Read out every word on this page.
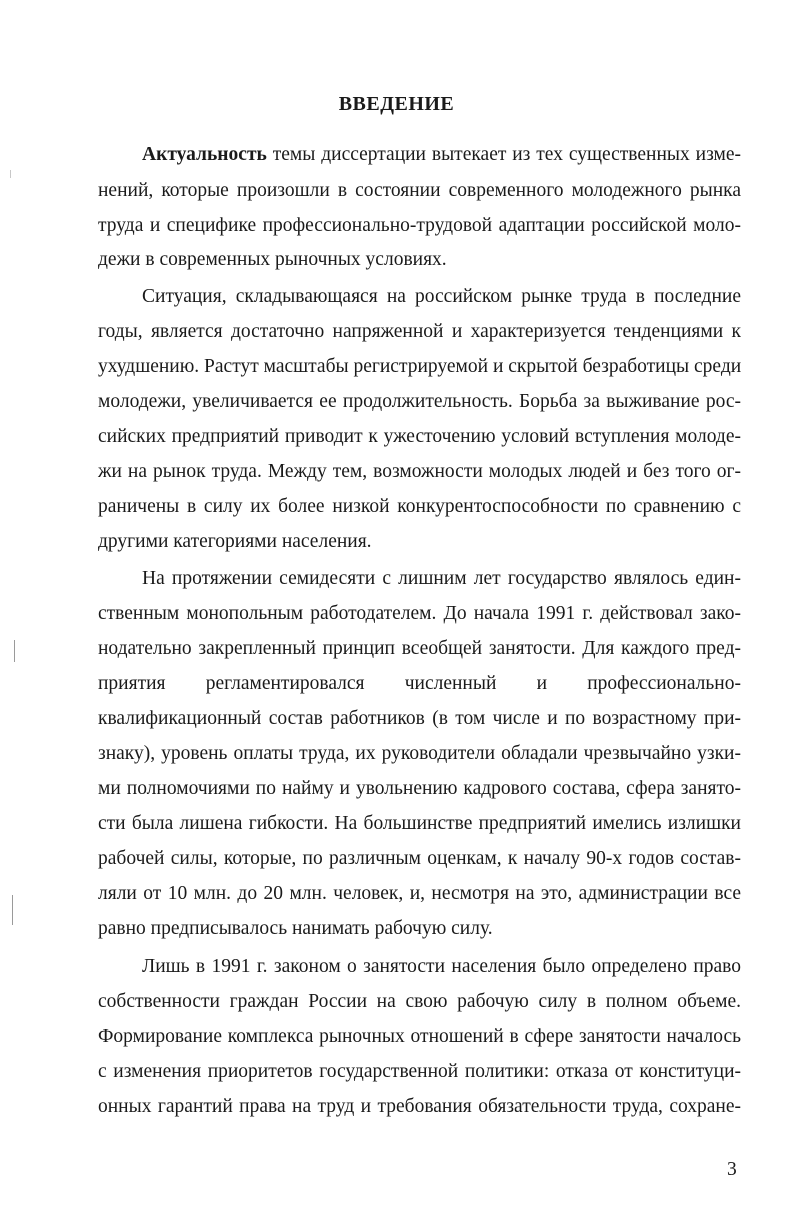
ВВЕДЕНИЕ
Актуальность темы диссертации вытекает из тех существенных изме-
нений, которые произошли в состоянии современного молодежного рынка
труда и специфике профессионально-трудовой адаптации российской моло-
дежи в современных рыночных условиях.
Ситуация, складывающаяся на российском рынке труда в последние
годы, является достаточно напряженной и характеризуется тенденциями к
ухудшению. Растут масштабы регистрируемой и скрытой безработицы среди
молодежи, увеличивается ее продолжительность. Борьба за выживание рос-
сийских предприятий приводит к ужесточению условий вступления молоде-
жи на рынок труда. Между тем, возможности молодых людей и без того ог-
раничены в силу их более низкой конкурентоспособности по сравнению с
другими категориями населения.
На протяжении семидесяти с лишним лет государство являлось един-
ственным монопольным работодателем. До начала 1991 г. действовал зако-
нодательно закрепленный принцип всеобщей занятости. Для каждого пред-
приятия регламентировался численный и профессионально-
квалификационный состав работников (в том числе и по возрастному при-
знаку), уровень оплаты труда, их руководители обладали чрезвычайно узки-
ми полномочиями по найму и увольнению кадрового состава, сфера занято-
сти была лишена гибкости. На большинстве предприятий имелись излишки
рабочей силы, которые, по различным оценкам, к началу 90-х годов состав-
ляли от 10 млн. до 20 млн. человек, и, несмотря на это, администрации все
равно предписывалось нанимать рабочую силу.
Лишь в 1991 г. законом о занятости населения было определено право
собственности граждан России на свою рабочую силу в полном объеме.
Формирование комплекса рыночных отношений в сфере занятости началось
с изменения приоритетов государственной политики: отказа от конституци-
онных гарантий права на труд и требования обязательности труда, сохране-
3
